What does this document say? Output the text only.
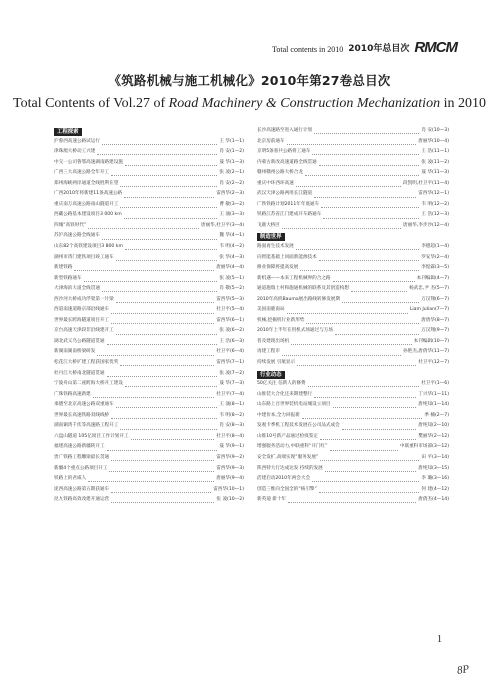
Total contents in 2010 2010年总目次 RMCM
《筑路机械与施工机械化》2010年第27卷总目次
Total Contents of Vol.27 of Road Machinery & Construction Mechanization in 2010
工程探索
沪蓉西高速公路试运行	王 华(1—1)
津珠澳大桥动工兴建	肖 安(1—2)
中交一公司鲁鄂高速湖南路建设施	晟 华(1—3)
广西三大高速公路全年开工	张 凌(2—1)
郑州海峡两岸通道全线胜利在望	肖 安(2—2)
广西2010年将新建11条高速公路	雷西华(2—3)
重庆南万高速公路南山隧道开工	曹 敏(3—2)
西藏公路基本建设项目3 000 km	王 涌(3—3)
四城“高铁时代”	唐丽华,杜卫平(3—4)
苏沪高速公路全线通车	魏 华(4—1)
山东82个高铁建设项目3 800 km	韦 明(4—2)
湖州市湾门建铁项目竣工通车	张 华(4—3)
新建铁路	唐丽华(4—4)
新型铁路通车	张 凌(5—1)
大津海滨大道全线贯通	肖 敬(5—2)
西沙河大桥成功浮架第一片梁	雷西华(5—3)
西道南速道路京部沿线通车	杜卫平(5—4)
世界最长跨海隧道项目开工	雷西华(6—1)
京台高速天津段非沿线建开工	张 凌(6—2)
湖北武义乌公路隧道贯通	王 浩(6—3)
新湖南湖南桥梁研发	杜卫平(6—4)
松花江大桥扩建工程获国家优奖	雷西华(7—1)
杜丹江大桥南北隧道贯通	张 凌(7—2)
宁波舟山第二座跨海大桥开工建设	晟 华(7—3)
广珠铁路高速新建	杜卫平(7—4)
承德至北京高速公路双重通车	王 涌(8—1)
世界最长高速铁路双线线桥	韦 明(8—2)
湖南铜湾千伏等高速路工程开工	肖 安(8—3)
六盘山隧道 105亿项目工作计划开工	杜卫平(8—4)
福建高速公路新疆转开工	晟 华(9—1)
贵广铁路工程雕梁最长贯通	雷西华(9—2)
新疆4个重点公路项目开工	雷西华(9—3)
铁路上的君威人	唐丽华(9—4)
庞西高速公路第五期获通车	雷西华(10—1)
昆九铁路高效改建开通运营	张 凌(10—2)
长沙高速路至进入通行计划	肖 安(10—3)
北京房前通车	唐丽华(10—4)
京明5条客共公路将工通车	王 浩(11—1)
内蒙古新改高速道路全线贯通	张 凌(11—2)
赣州赣州公路大桥合龙	晟 华(11—3)
重庆中环西环高速	段凯明,杜卫平(11—4)
武汉天津公路两用长江隧道	雷西华(12—1)
广铁铁路计划2011年年底通车	韦 明(12—2)
铁路江苏省江门建成开车路通车	王 浩(12—3)
飞鹿大桥区	唐丽华,李步沙(12—4)
制造世界
路面再生技术发展	李德超(1—4)
向智能基础上同面新能源技术	罗安华(2—4)
修业保障将提高发展	李煌霖(3—5)
新机遇——本来工程机械界的合之路	本刊编辑(4—7)
通道施瑞上村和施通机械的联系及其创造构想	杨武忠,尹 杰(5—7)
2010年高机Bauma展出路线转修发展期	万汉翔(6—7)
美国南鹿南局	Liam Julian(7—7)
机械,挖掘机行业新形势	唐倩华(8—7)
2010年上半年在用机式场通过与万场	万汉翔(9—7)
普及建现出场机	本刊编辑(10—7)
再建工程市	孙艳杰,唐倩华(11—7)
持续发展 引航显示	杜卫平(12—7)
行业动态
50亿关注 信新人的修费	杜卫平(1—6)
山推装大合化还来期建整行	丁兴华(1—11)
山东路上百世界装机电站城设立项目	唐纯知(1—14)
中建价本,全力回报新	季 楠(2—7)
发观卡季机工程技术发展在公司品式成会	唐纯知(2—10)
山推10号新产品通过检疫鉴定	樊丽华(2—12)
增强服务活动力,中联重科“开门红”	中联重科市场部(3—12)
安全发扩,高端实现“服务发展”	田 平(3—14)
陕西特大行达成达发 持续的发展	唐纯知(3—15)
活建启动2010年两会大会	李 璐(3—16)
创造三维向全国全的“核引擎”	何 建(4—12)
新英迪 新十年	唐倩杰(4—14)
1
8P
